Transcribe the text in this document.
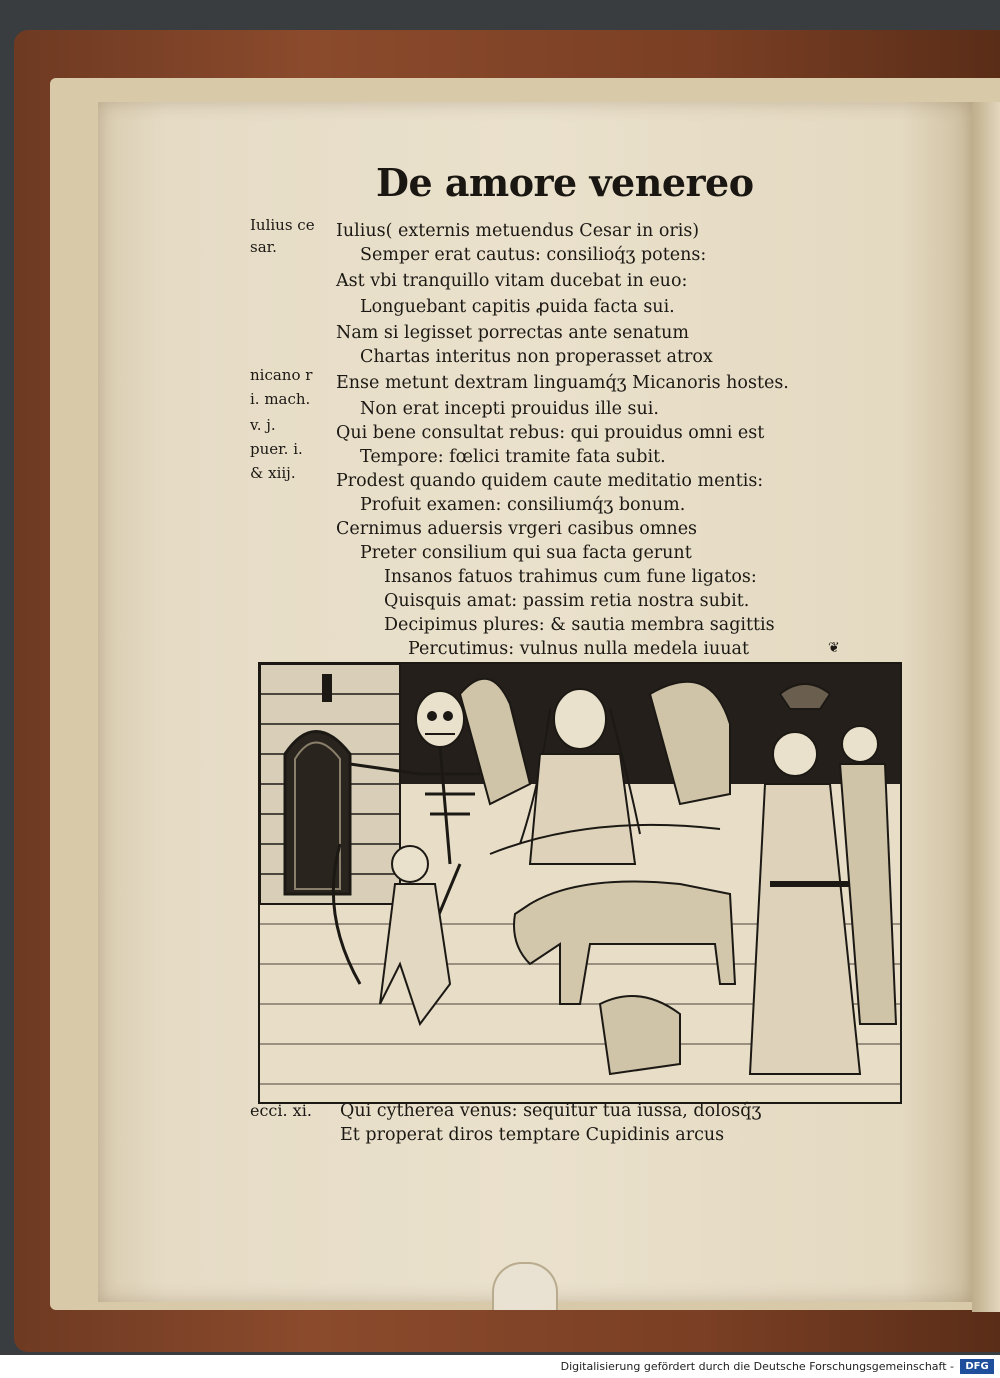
De amore venereo
Iulius ce
sar.
nicano r
i. mach.
v. j.
puer. i.
& xiij.
Iulius( externis metuendus Cesar in oris)
Semper erat cautus: consilioq́ʒ potens:
Ast vbi tranquillo vitam ducebat in euo:
Longuebant capitis ꝓuida facta sui.
Nam si legisset porrectas ante senatum
Chartas interitus non properasset atrox
Ense metunt dextram linguamq́ʒ Micanoris hostes.
Non erat incepti prouidus ille sui.
Qui bene consultat rebus: qui prouidus omni est
Tempore: fœlici tramite fata subit.
Prodest quando quidem caute meditatio mentis:
Profuit examen: consiliumq́ʒ bonum.
Cernimus aduersis vrgeri casibus omnes
Preter consilium qui sua facta gerunt
Insanos fatuos trahimus cum fune ligatos:
Quisquis amat: passim retia nostra subit.
Decipimus plures: & sautia membra sagittis
Percutimus: vulnus nulla medela iuuat	❦
ecci. xi. Qui cytherea venus: sequitur tua iussa, dolosq́ʒ
Et properat diros temptare Cupidinis arcus
Digitalisierung gefördert durch die Deutsche Forschungsgemeinschaft -	DFG
